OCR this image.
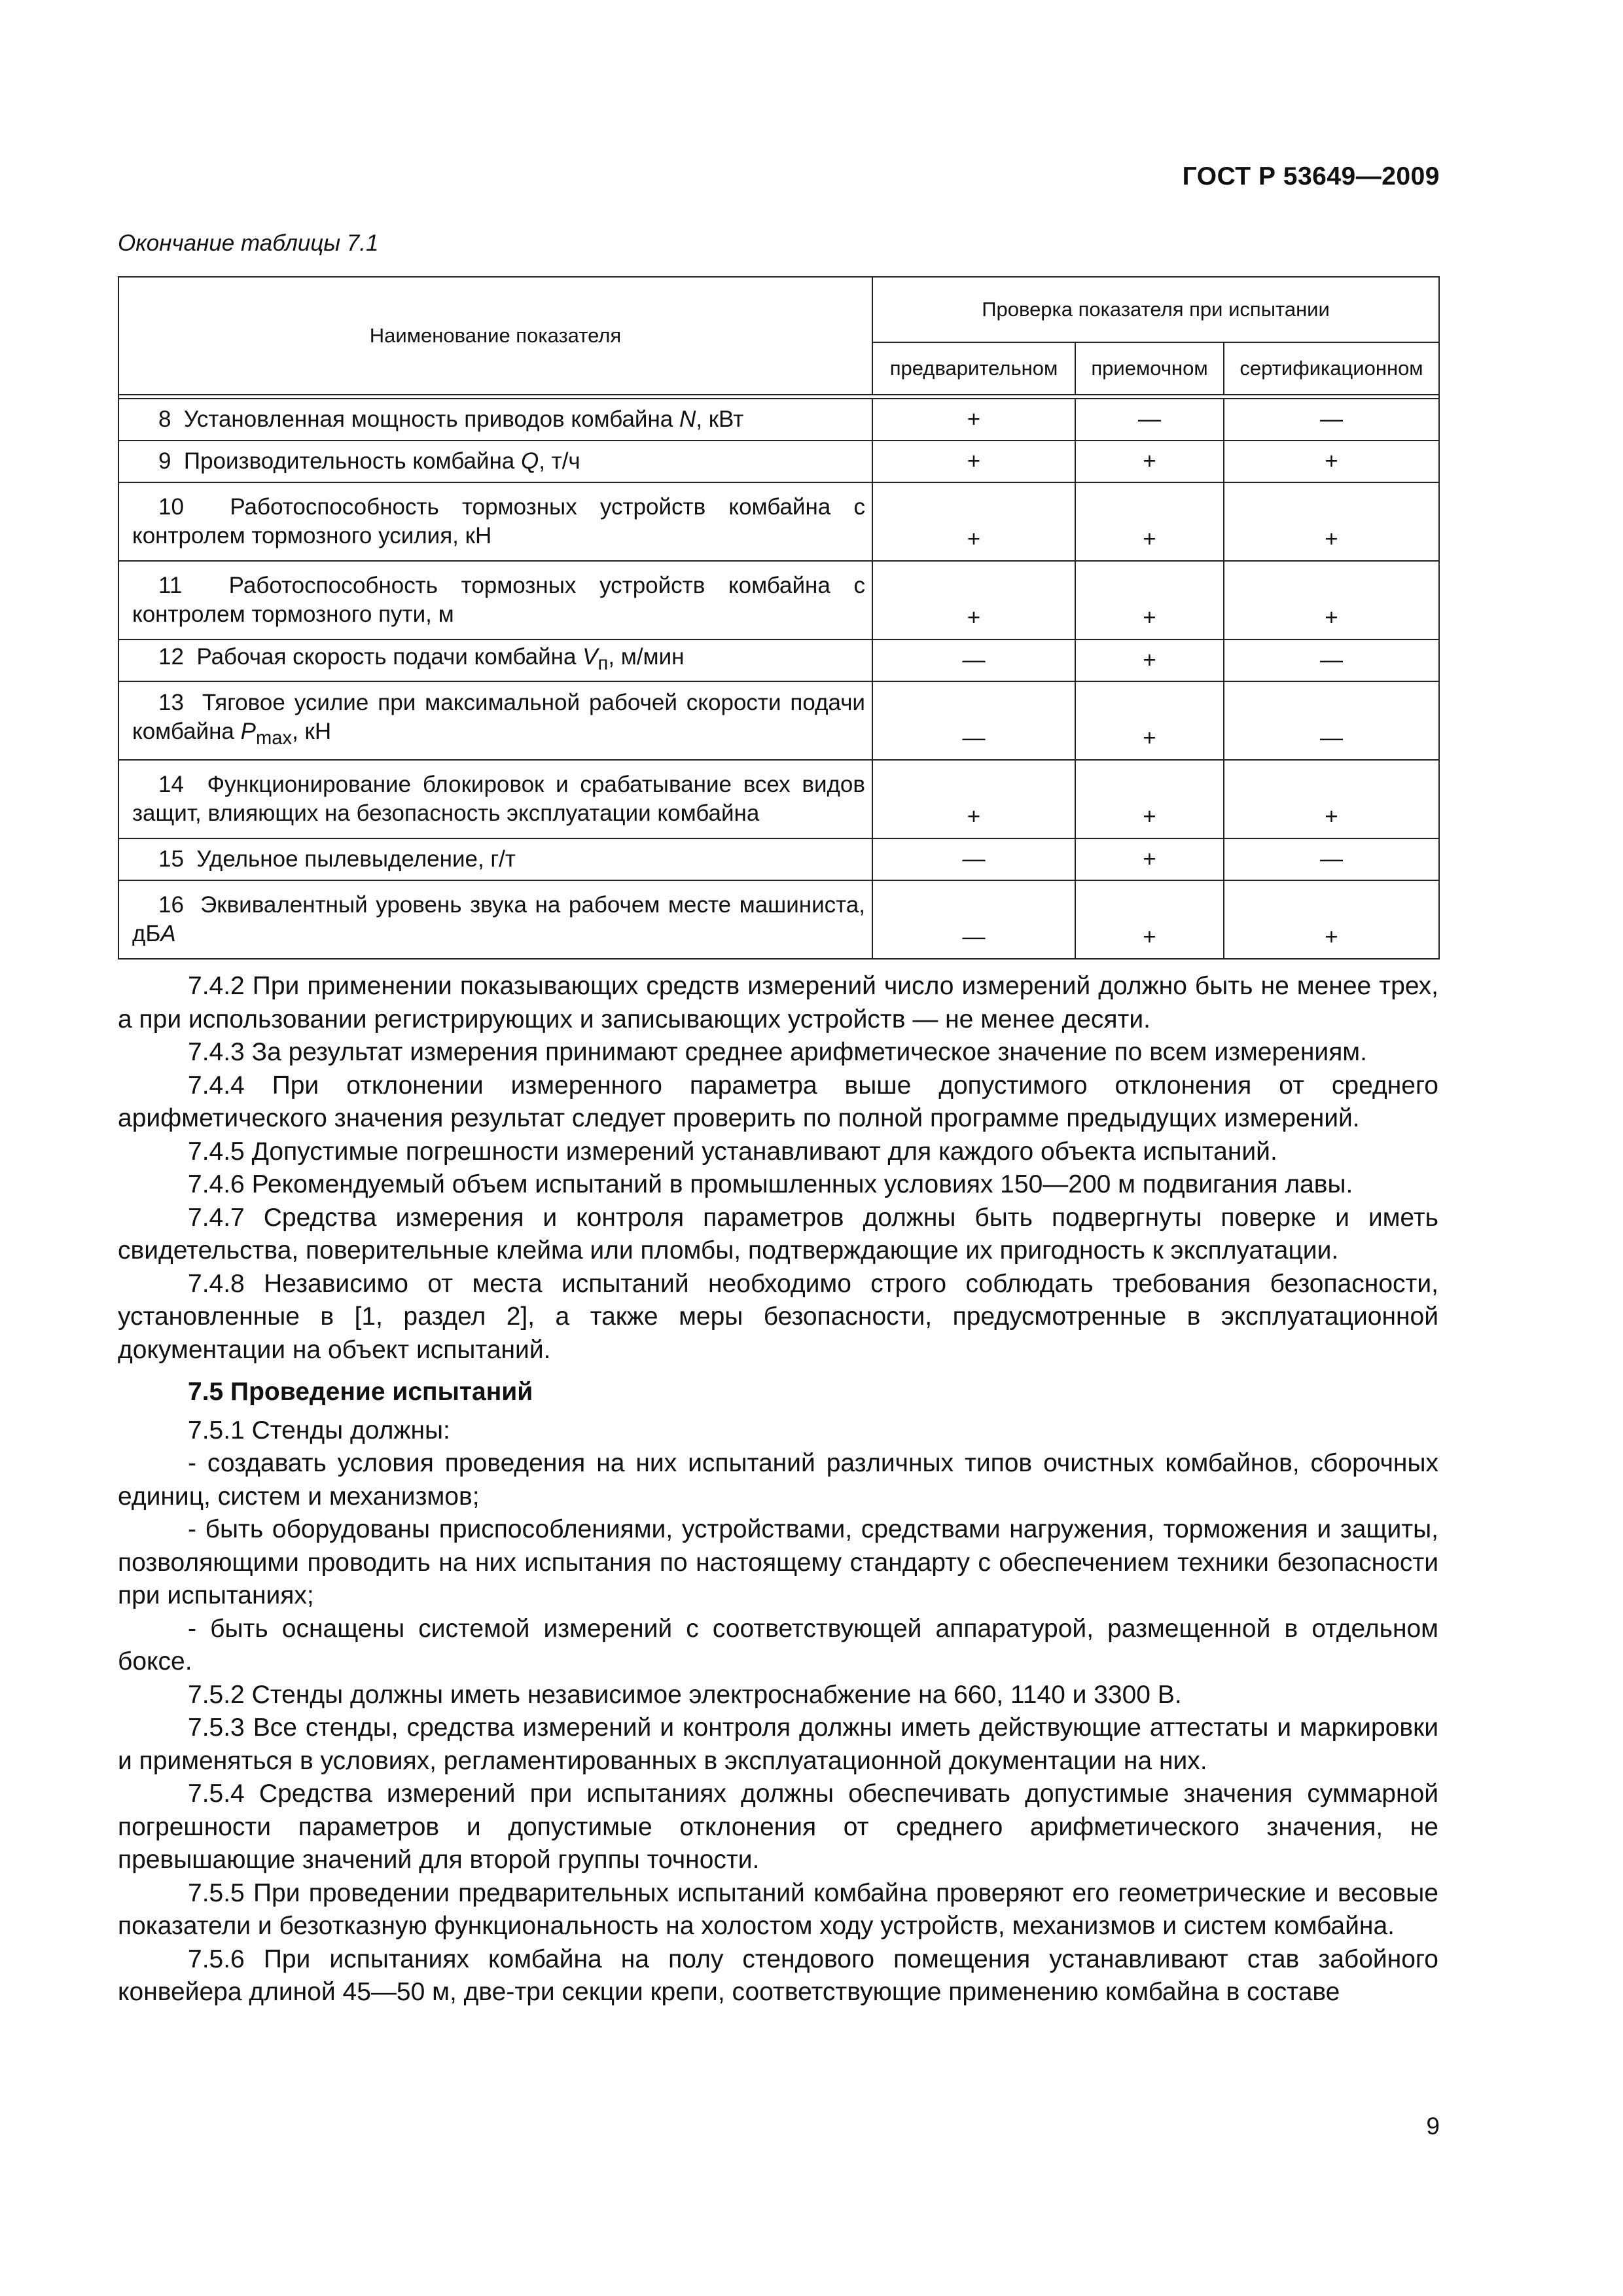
ГОСТ Р 53649—2009
Окончание таблицы 7.1
Наименование показателя	Проверка показателя при испытании		
	предварительном	приемочном	сертификационном

8 Установленная мощность приводов комбайна N, кВт	+	—	—

9 Производительность комбайна Q, т/ч	+	+	+

10 Работоспособность тормозных устройств комбайна с контролем тормозного усилия, кН	+	+	+

11 Работоспособность тормозных устройств комбайна с контролем тормозного пути, м	+	+	+

12 Рабочая скорость подачи комбайна $V_п$, м/мин	—	+	—

13 Тяговое усилие при максимальной рабочей скорости подачи комбайна $P_{max}$, кН	—	+	—

14 Функционирование блокировок и срабатывание всех видов защит, влияющих на безопасность эксплуатации комбайна	+	+	+

15 Удельное пылевыделение, г/т	—	+	—

16 Эквивалентный уровень звука на рабочем месте машиниста, дБA	—	+	+

7.4.2 При применении показывающих средств измерений число измерений должно быть не менее трех, а при использовании регистрирующих и записывающих устройств — не менее десяти.

7.4.3 За результат измерения принимают среднее арифметическое значение по всем измерениям.

7.4.4 При отклонении измеренного параметра выше допустимого отклонения от среднего арифметического значения результат следует проверить по полной программе предыдущих измерений.

7.4.5 Допустимые погрешности измерений устанавливают для каждого объекта испытаний.

7.4.6 Рекомендуемый объем испытаний в промышленных условиях 150—200 м подвигания лавы.

7.4.7 Средства измерения и контроля параметров должны быть подвергнуты поверке и иметь свидетельства, поверительные клейма или пломбы, подтверждающие их пригодность к эксплуатации.

7.4.8 Независимо от места испытаний необходимо строго соблюдать требования безопасности, установленные в [1, раздел 2], а также меры безопасности, предусмотренные в эксплуатационной документации на объект испытаний.

7.5 Проведение испытаний

7.5.1 Стенды должны:

- создавать условия проведения на них испытаний различных типов очистных комбайнов, сборочных единиц, систем и механизмов;

- быть оборудованы приспособлениями, устройствами, средствами нагружения, торможения и защиты, позволяющими проводить на них испытания по настоящему стандарту с обеспечением техники безопасности при испытаниях;

- быть оснащены системой измерений с соответствующей аппаратурой, размещенной в отдельном боксе.

7.5.2 Стенды должны иметь независимое электроснабжение на 660, 1140 и 3300 В.

7.5.3 Все стенды, средства измерений и контроля должны иметь действующие аттестаты и маркировки и применяться в условиях, регламентированных в эксплуатационной документации на них.

7.5.4 Средства измерений при испытаниях должны обеспечивать допустимые значения суммарной погрешности параметров и допустимые отклонения от среднего арифметического значения, не превышающие значений для второй группы точности.

7.5.5 При проведении предварительных испытаний комбайна проверяют его геометрические и весовые показатели и безотказную функциональность на холостом ходу устройств, механизмов и систем комбайна.

7.5.6 При испытаниях комбайна на полу стендового помещения устанавливают став забойного конвейера длиной 45—50 м, две-три секции крепи, соответствующие применению комбайна в составе

9
